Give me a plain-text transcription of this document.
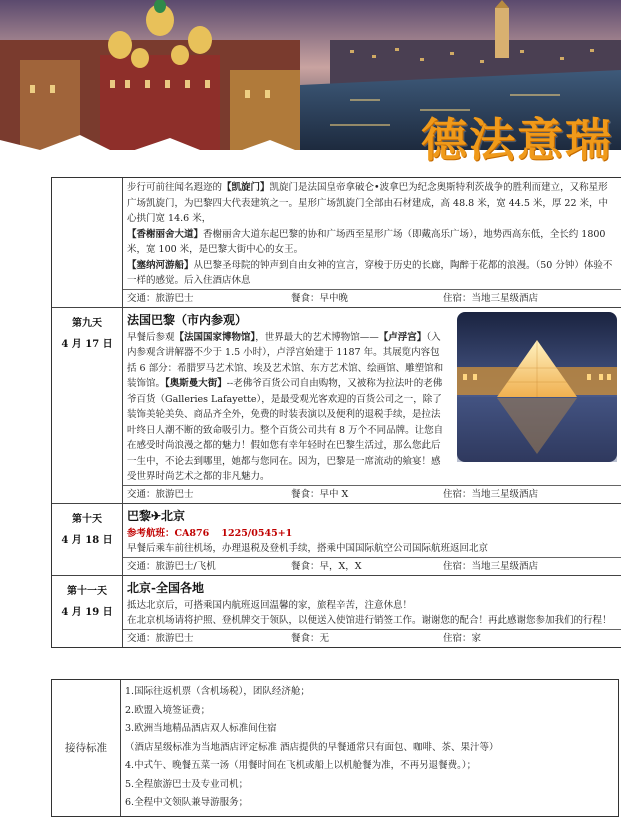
德法意瑞

步行可前往闻名遐迩的【凯旋门】凯旋门是法国皇帝拿破仑•波拿巴为纪念奥斯特利茨战争的胜利而建立，又称星形广场凯旋门，为巴黎四大代表建筑之一。星形广场凯旋门全部由石材建成，高 48.8 米，宽 44.5 米，厚 22 米，中心拱门宽 14.6 米，

【香榭丽舍大道】香榭丽舍大道东起巴黎的协和广场西至星形广场（即戴高乐广场），地势西高东低，全长约 1800 米，宽 100 米，是巴黎大街中心的女王。

【塞纳河游船】从巴黎圣母院的钟声到自由女神的宣言，穿梭于历史的长廊，陶醉于花都的浪漫。（50 分钟）体验不一样的感觉。后入住酒店休息

交通：旅游巴士	餐食：早中晚	住宿：当地三星级酒店
第九天
4 月 17 日
法国巴黎（市内参观）

早餐后参观【法国国家博物馆】，世界最大的艺术博物馆——【卢浮宫】（入内参观含讲解器不少于 1.5 小时），卢浮宫始建于 1187 年。其展览内容包括 6 部分：希腊罗马艺术馆、埃及艺术馆、东方艺术馆、绘画馆、雕塑馆和装饰馆。【奥斯曼大街】--老佛爷百货公司自由购物，又被称为拉法叶的老佛爷百货（Galleries Lafayette），是最受观光客欢迎的百货公司之一，除了装饰美轮美奂、商品齐全外，免费的时装表演以及便利的退税手续，是拉法叶终日人潮不断的致命吸引力。整个百货公司共有 8 万个不同品牌。让您自在感受时尚浪漫之都的魅力！假如您有幸年轻时在巴黎生活过，那么您此后一生中，不论去到哪里，她都与您同在。因为，巴黎是一席流动的飨宴！感受世界时尚艺术之都的非凡魅力。

交通：旅游巴士	餐食：早中 X	住宿：当地三星级酒店
第十天
4 月 18 日
巴黎✈北京

参考航班：CA876 1225/0545+1

早餐后乘车前往机场，办理退税及登机手续，搭乘中国国际航空公司国际航班返回北京

交通：旅游巴士/飞机	餐食：早，X，X	住宿：当地三星级酒店
第十一天
4 月 19 日
北京-全国各地

抵达北京后，可搭乘国内航班返回温馨的家，旅程辛苦，注意休息！

在北京机场请将护照、登机牌交于领队，以便送入使馆进行销签工作。谢谢您的配合！再此感谢您参加我们的行程！

交通：旅游巴士	餐食：无	住宿：家
接待标准

1.国际往返机票（含机场税），团队经济舱；

2.欧盟入境签证费；

3.欧洲当地精品酒店双人标准间住宿

（酒店星级标准为当地酒店评定标准 酒店提供的早餐通常只有面包、咖啡、茶、果汁等）

4.中式午、晚餐五菜一汤（用餐时间在飞机或船上以机舱餐为准，不再另退餐费。）；

5.全程旅游巴士及专业司机；

6.全程中文领队兼导游服务；
